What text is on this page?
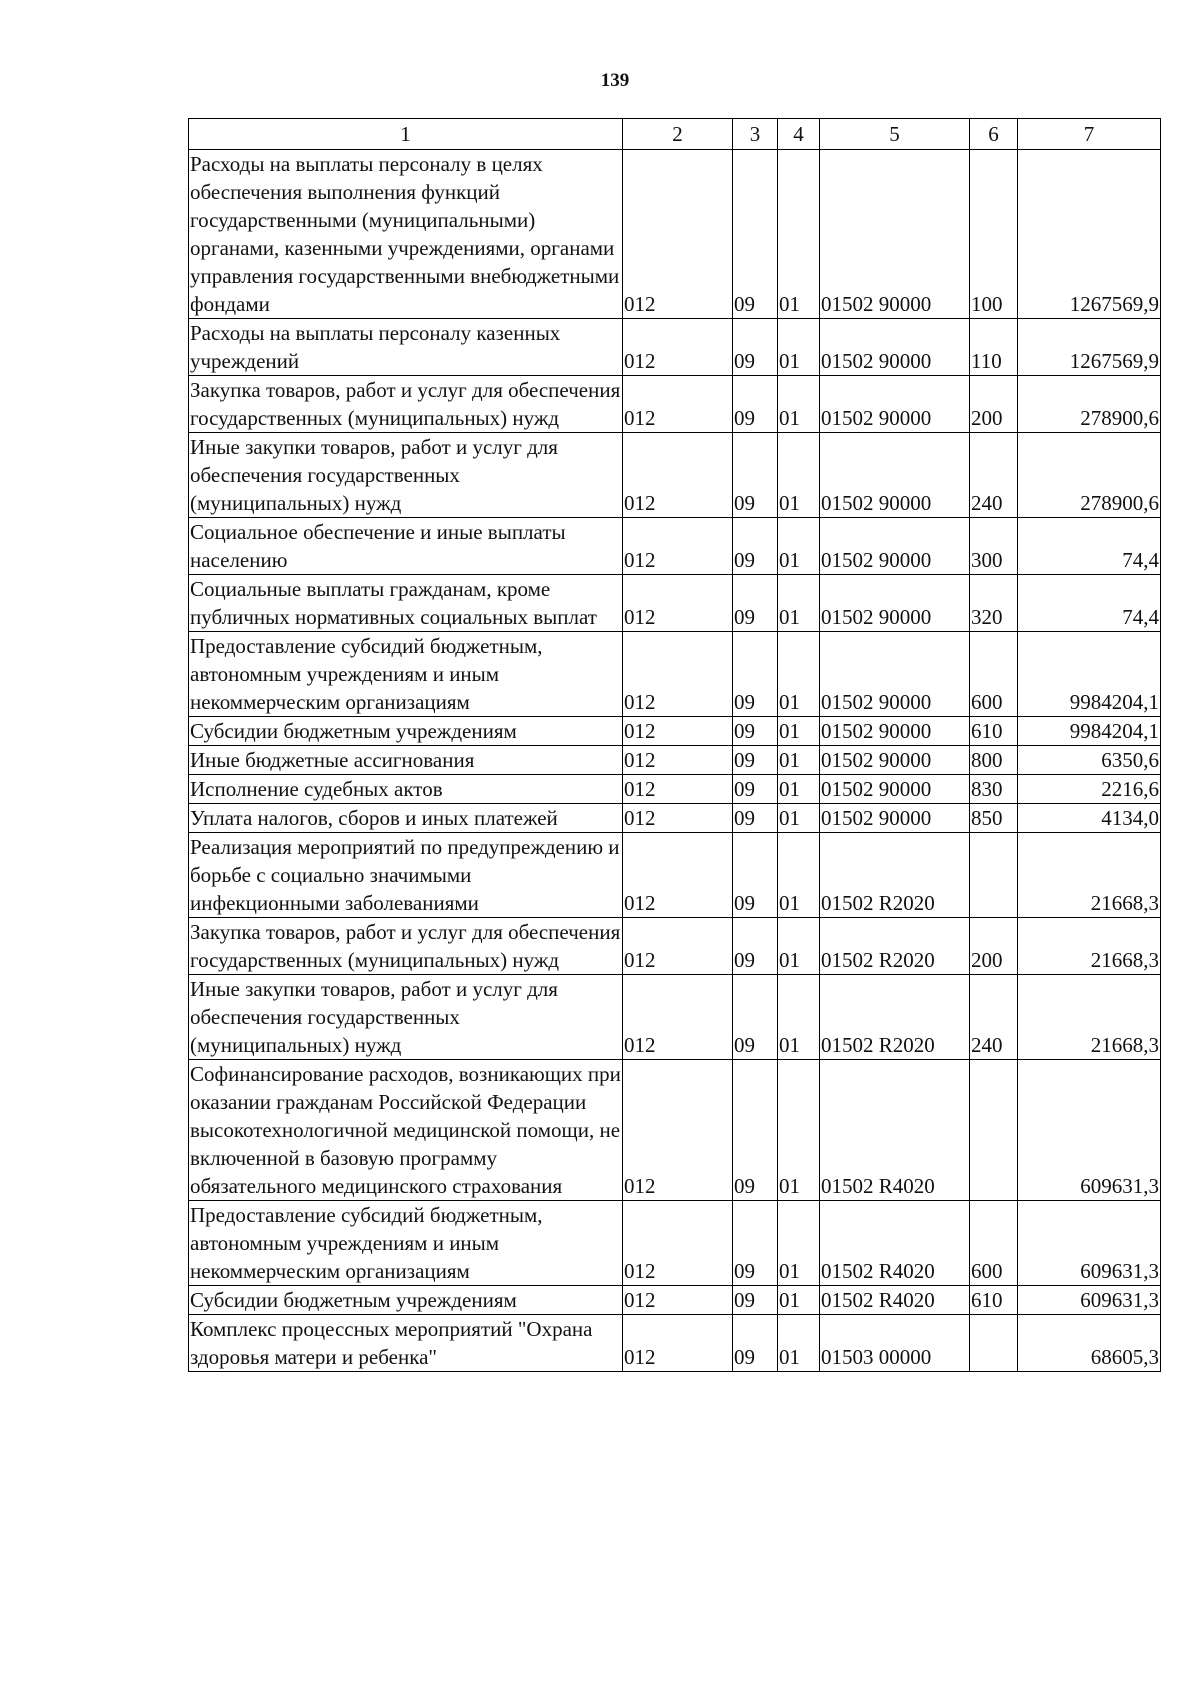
139
1	2	3	4	5	6	7
Расходы на выплаты персоналу в целях обеспечения выполнения функций государственными (муниципальными) органами, казенными учреждениями, органами управления государственными внебюджетными фондами	012	09	01	01502 90000	100	1267569,9
Расходы на выплаты персоналу казенных учреждений	012	09	01	01502 90000	110	1267569,9
Закупка товаров, работ и услуг для обеспечения государственных (муниципальных) нужд	012	09	01	01502 90000	200	278900,6
Иные закупки товаров, работ и услуг для обеспечения государственных (муниципальных) нужд	012	09	01	01502 90000	240	278900,6
Социальное обеспечение и иные выплаты населению	012	09	01	01502 90000	300	74,4
Социальные выплаты гражданам, кроме публичных нормативных социальных выплат	012	09	01	01502 90000	320	74,4
Предоставление субсидий бюджетным, автономным учреждениям и иным некоммерческим организациям	012	09	01	01502 90000	600	9984204,1
Субсидии бюджетным учреждениям	012	09	01	01502 90000	610	9984204,1
Иные бюджетные ассигнования	012	09	01	01502 90000	800	6350,6
Исполнение судебных актов	012	09	01	01502 90000	830	2216,6
Уплата налогов, сборов и иных платежей	012	09	01	01502 90000	850	4134,0
Реализация мероприятий по предупреждению и борьбе с социально значимыми инфекционными заболеваниями	012	09	01	01502 R2020		21668,3
Закупка товаров, работ и услуг для обеспечения государственных (муниципальных) нужд	012	09	01	01502 R2020	200	21668,3
Иные закупки товаров, работ и услуг для обеспечения государственных (муниципальных) нужд	012	09	01	01502 R2020	240	21668,3
Софинансирование расходов, возникающих при оказании гражданам Российской Федерации высокотехнологичной медицинской помощи, не включенной в базовую программу обязательного медицинского страхования	012	09	01	01502 R4020		609631,3
Предоставление субсидий бюджетным, автономным учреждениям и иным некоммерческим организациям	012	09	01	01502 R4020	600	609631,3
Субсидии бюджетным учреждениям	012	09	01	01502 R4020	610	609631,3
Комплекс процессных мероприятий "Охрана здоровья матери и ребенка"	012	09	01	01503 00000		68605,3
